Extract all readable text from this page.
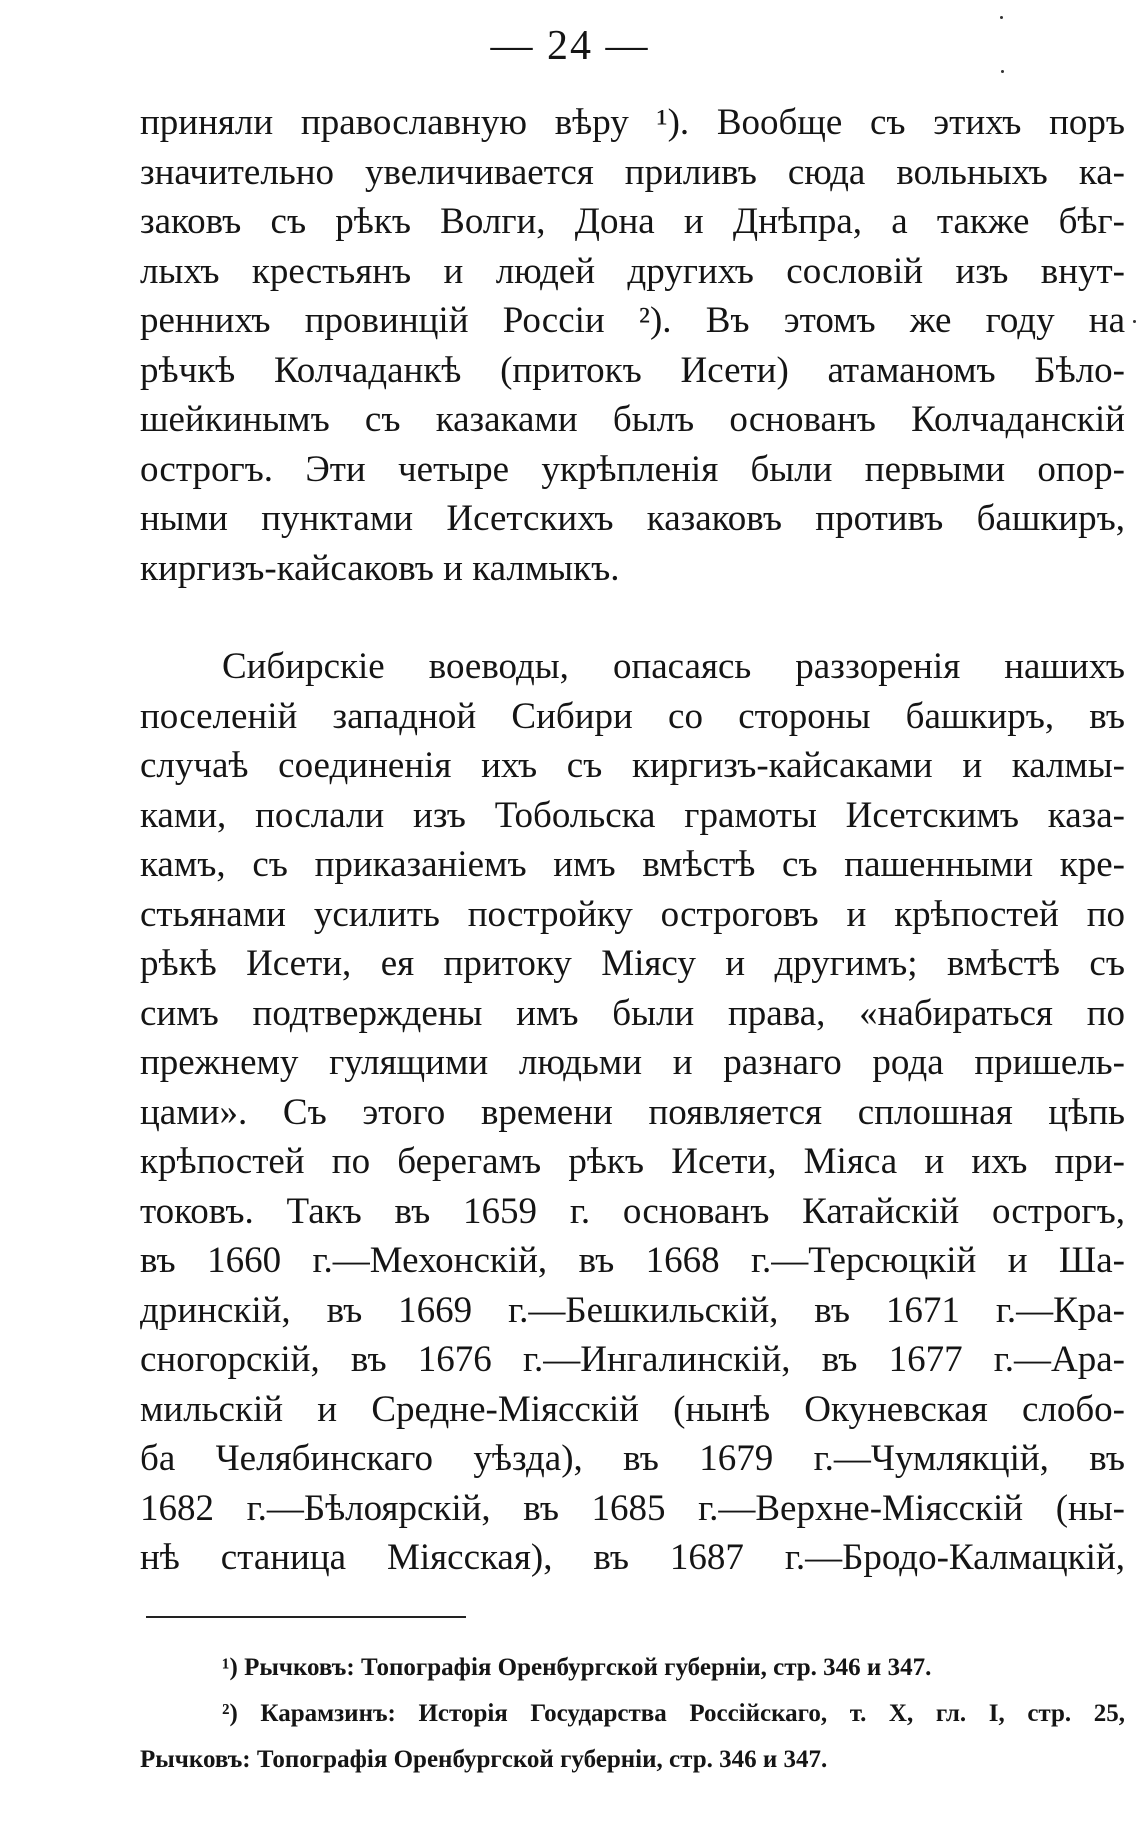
— 24 —
приняли православную вѣру ¹). Вообще съ этихъ поръ
значительно увеличивается приливъ сюда вольныхъ ка-
заковъ съ рѣкъ Волги, Дона и Днѣпра, а также бѣг-
лыхъ крестьянъ и людей другихъ сословій изъ внут-
реннихъ провинцій Россіи ²). Въ этомъ же году на
рѣчкѣ Колчаданкѣ (притокъ Исети) атаманомъ Бѣло-
шейкинымъ съ казаками былъ основанъ Колчаданскій
острогъ. Эти четыре укрѣпленія были первыми опор-
ными пунктами Исетскихъ казаковъ противъ башкиръ,
киргизъ-кайсаковъ и калмыкъ.
Сибирскіе воеводы, опасаясь раззоренія нашихъ
поселеній западной Сибири со стороны башкиръ, въ
случаѣ соединенія ихъ съ киргизъ-кайсаками и калмы-
ками, послали изъ Тобольска грамоты Исетскимъ каза-
камъ, съ приказаніемъ имъ вмѣстѣ съ пашенными кре-
стьянами усилить постройку остроговъ и крѣпостей по
рѣкѣ Исети, ея притоку Міясу и другимъ; вмѣстѣ съ
симъ подтверждены имъ были права, «набираться по
прежнему гулящими людьми и разнаго рода пришель-
цами». Съ этого времени появляется сплошная цѣпь
крѣпостей по берегамъ рѣкъ Исети, Міяса и ихъ при-
токовъ. Такъ въ 1659 г. основанъ Катайскій острогъ,
въ 1660 г.—Мехонскій, въ 1668 г.—Терсюцкій и Ша-
дринскій, въ 1669 г.—Бешкильскій, въ 1671 г.—Кра-
сногорскій, въ 1676 г.—Ингалинскій, въ 1677 г.—Ара-
мильскій и Средне-Міясскій (нынѣ Окуневская слобо-
ба Челябинскаго уѣзда), въ 1679 г.—Чумлякцій, въ
1682 г.—Бѣлоярскій, въ 1685 г.—Верхне-Міясскій (ны-
нѣ станица Міясская), въ 1687 г.—Бродо-Калмацкій,
¹) Рычковъ: Топографія Оренбургской губерніи, стр. 346 и 347.
²) Карамзинъ: Исторія Государства Россійскаго, т. X, гл. I, стр. 25,
Рычковъ: Топографія Оренбургской губерніи, стр. 346 и 347.
